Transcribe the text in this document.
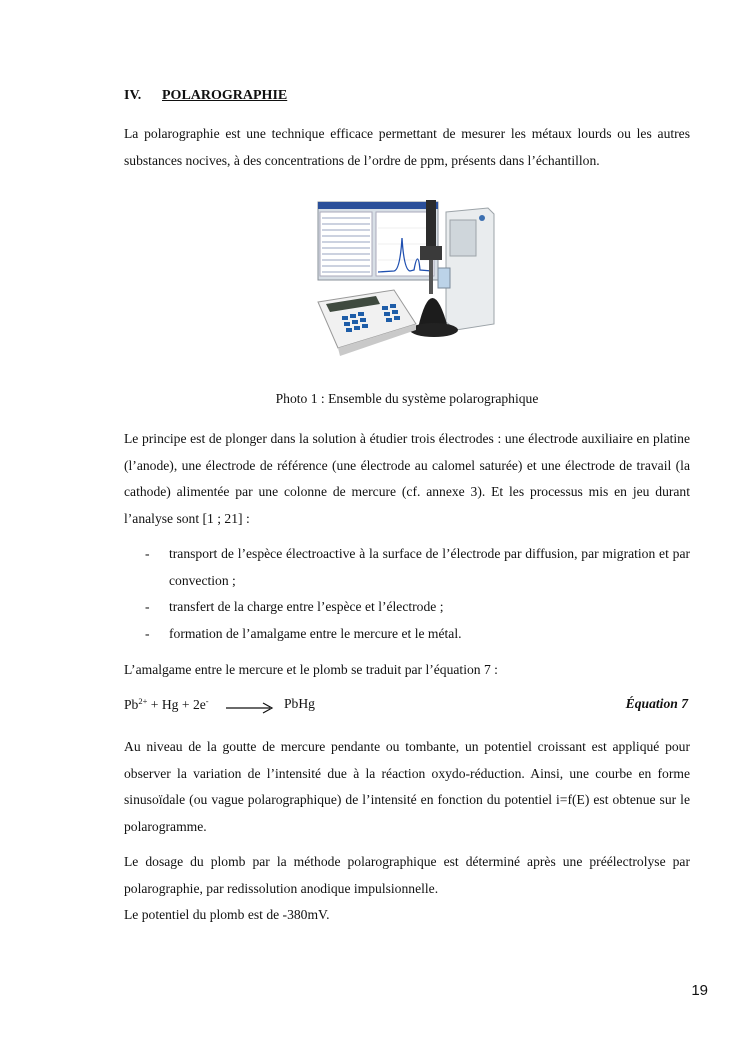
IV. POLAROGRAPHIE
La polarographie est une technique efficace permettant de mesurer les métaux lourds ou les autres substances nocives, à des concentrations de l’ordre de ppm, présents dans l’échantillon.
Photo 1 : Ensemble du système polarographique
Le principe est de plonger dans la solution à étudier trois électrodes : une électrode auxiliaire en platine (l’anode), une électrode de référence (une électrode au calomel saturée) et une électrode de travail (la cathode) alimentée par une colonne de mercure (cf. annexe 3). Et les processus mis en jeu durant l’analyse sont [1 ; 21] :
- transport de l’espèce électroactive à la surface de l’électrode par diffusion, par migration et par convection ;
- transfert de la charge entre l’espèce et l’électrode ;
- formation de l’amalgame entre le mercure et le métal.
L’amalgame entre le mercure et le plomb se traduit par l’équation 7 :
$Pb^{2+} + Hg + 2e^-$ → PbHg	Équation 7
Au niveau de la goutte de mercure pendante ou tombante, un potentiel croissant est appliqué pour observer la variation de l’intensité due à la réaction oxydo-réduction. Ainsi, une courbe en forme sinusoïdale (ou vague polarographique) de l’intensité en fonction du potentiel i=f(E) est obtenue sur le polarogramme.
Le dosage du plomb par la méthode polarographique est déterminé après une préélectrolyse par polarographie, par redissolution anodique impulsionnelle.
Le potentiel du plomb est de -380mV.
19
